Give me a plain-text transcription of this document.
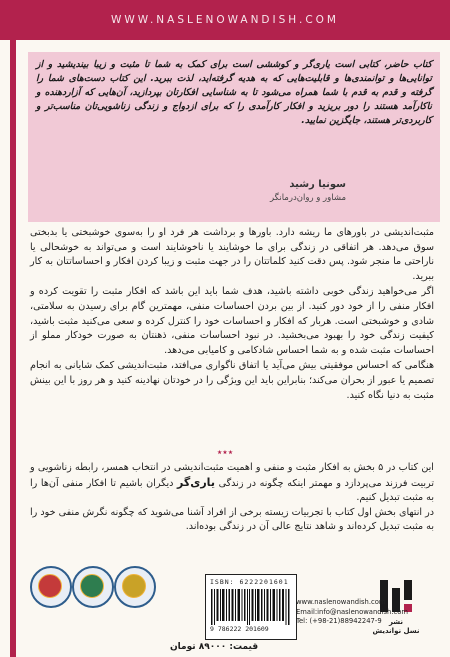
WWW.NASLENOWANDISH.COM
کتاب حاضر، کتابی است یاری‌گر و کوششی است برای کمک به شما تا مثبت و زیبا بیندیشید و از توانایی‌ها و توانمندی‌ها و قابلیت‌هایی که به هدیه گرفته‌اید، لذت ببرید. این کتاب دست‌های شما را گرفته و قدم به قدم با شما همراه می‌شود تا به شناسایی افکارتان بپردازید، آن‌هایی که آزاردهنده و ناکارآمد هستند را دور بریزید و افکار کارآمدی را که برای ازدواج و زندگی زناشویی‌تان مناسب‌تر و کاربردی‌تر هستند، جایگزین نمایید.
سونیا رشید
مشاور و روان‌درمانگر

مثبت‌اندیشی در باورهای ما ریشه دارد. باورها و برداشت هر فرد او را به‌سوی خوشبختی یا بدبختی سوق می‌دهد. هر اتفاقی در زندگی برای ما خوشایند یا ناخوشایند است و می‌تواند به خوشحالی یا ناراحتی ما منجر شود. پس دقت کنید کلماتتان را در جهت مثبت و زیبا کردن افکار و احساساتتان به کار ببرید.

اگر می‌خواهید زندگی خوبی داشته باشید، هدف شما باید این باشد که افکار مثبت را تقویت کرده و افکار منفی را از خود دور کنید. از بین بردن احساسات منفی، مهمترین گام برای رسیدن به سلامتی، شادی و خوشبختی است. هربار که افکار و احساسات خود را کنترل کرده و سعی می‌کنید مثبت باشید، کیفیت زندگی خود را بهبود می‌بخشید. در نبود احساسات منفی، ذهنتان به صورت خودکار مملو از احساسات مثبت شده و به شما احساس شادکامی و کامیابی می‌دهد.

هنگامی که احساس موفقیتی بیش می‌آید یا اتفاق ناگواری می‌افتد، مثبت‌اندیشی کمک شایانی به انجام تصمیم یا عبور از بحران می‌کند؛ بنابراین باید این ویژگی را در خودتان نهادینه کنید و هر روز با این بینش مثبت به دنیا نگاه کنید.

٭٭٭

این کتاب در ۵ بخش به افکار مثبت و منفی و اهمیت مثبت‌اندیشی در انتخاب همسر، رابطه زناشویی و تربیت فرزند می‌پردازد و مهمتر اینکه چگونه در زندگی یاری‌گر دیگران باشیم تا افکار منفی آن‌ها را به مثبت تبدیل کنیم.

در انتهای بخش اول کتاب با تجربیات زیسته برخی از افراد آشنا می‌شوید که چگونه نگرش منفی خود را به مثبت تبدیل کرده‌اند و شاهد نتایج عالی آن در زندگی بوده‌اند.

ISBN: 6222201601
9 786222 201609
قیمت: ۸۹۰۰۰ تومان
نشر
نسل نواندیش
www.naslenowandish.com
Email:info@naslenowandish.com
Tel: (+98-21)88942247-9
